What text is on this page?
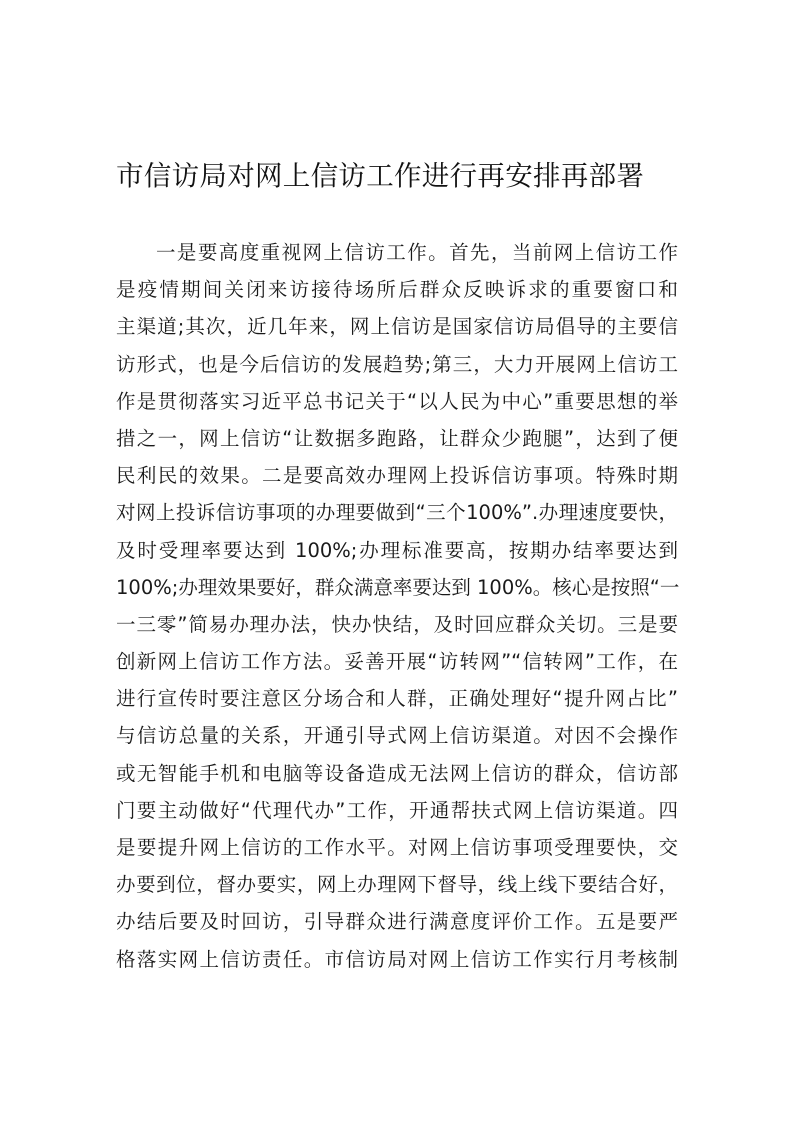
市信访局对网上信访工作进行再安排再部署
一是要高度重视网上信访工作。首先，当前网上信访工作
是疫情期间关闭来访接待场所后群众反映诉求的重要窗口和
主渠道;其次，近几年来，网上信访是国家信访局倡导的主要信
访形式，也是今后信访的发展趋势;第三，大力开展网上信访工
作是贯彻落实习近平总书记关于“以人民为中心”重要思想的举
措之一，网上信访“让数据多跑路，让群众少跑腿”，达到了便
民利民的效果。二是要高效办理网上投诉信访事项。特殊时期
对网上投诉信访事项的办理要做到“三个100%”.办理速度要快，
及时受理率要达到 100%;办理标准要高，按期办结率要达到
100%;办理效果要好，群众满意率要达到 100%。核心是按照“一
一三零”简易办理办法，快办快结，及时回应群众关切。三是要
创新网上信访工作方法。妥善开展“访转网”“信转网”工作，在
进行宣传时要注意区分场合和人群，正确处理好“提升网占比”
与信访总量的关系，开通引导式网上信访渠道。对因不会操作
或无智能手机和电脑等设备造成无法网上信访的群众，信访部
门要主动做好“代理代办”工作，开通帮扶式网上信访渠道。四
是要提升网上信访的工作水平。对网上信访事项受理要快，交
办要到位，督办要实，网上办理网下督导，线上线下要结合好，
办结后要及时回访，引导群众进行满意度评价工作。五是要严
格落实网上信访责任。市信访局对网上信访工作实行月考核制
